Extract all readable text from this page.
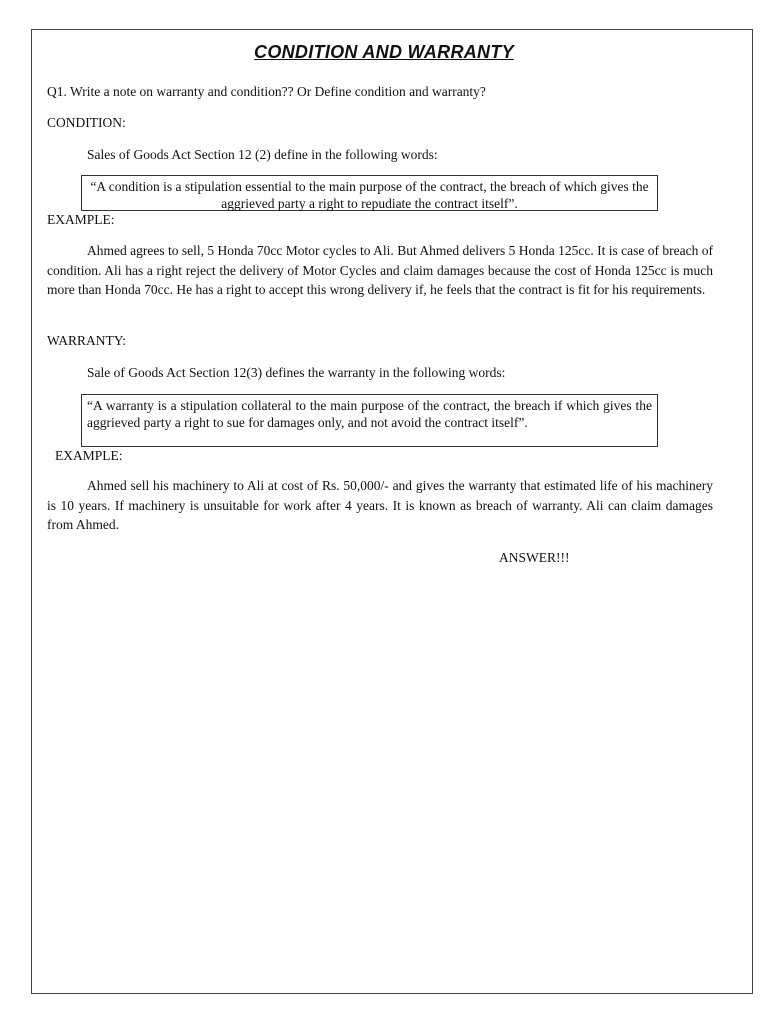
CONDITION AND WARRANTY
Q1. Write a note on warranty and condition?? Or Define condition and warranty?
CONDITION:
Sales of Goods Act Section 12 (2) define in the following words:
“A condition is a stipulation essential to the main purpose of the contract, the breach of which gives the aggrieved party a right to repudiate the contract itself”.
EXAMPLE:
Ahmed agrees to sell, 5 Honda 70cc Motor cycles to Ali. But Ahmed delivers 5 Honda 125cc. It is case of breach of condition. Ali has a right reject the delivery of Motor Cycles and claim damages because the cost of Honda 125cc is much more than Honda 70cc. He has a right to accept this wrong delivery if, he feels that the contract is fit for his requirements.
WARRANTY:
Sale of Goods Act Section 12(3) defines the warranty in the following words:
“A warranty is a stipulation collateral to the main purpose of the contract, the breach if which gives the aggrieved party a right to sue for damages only, and not avoid the contract itself”.
EXAMPLE:
Ahmed sell his machinery to Ali at cost of Rs. 50,000/- and gives the warranty that estimated life of his machinery is 10 years. If machinery is unsuitable for work after 4 years. It is known as breach of warranty. Ali can claim damages from Ahmed.
ANSWER!!!
